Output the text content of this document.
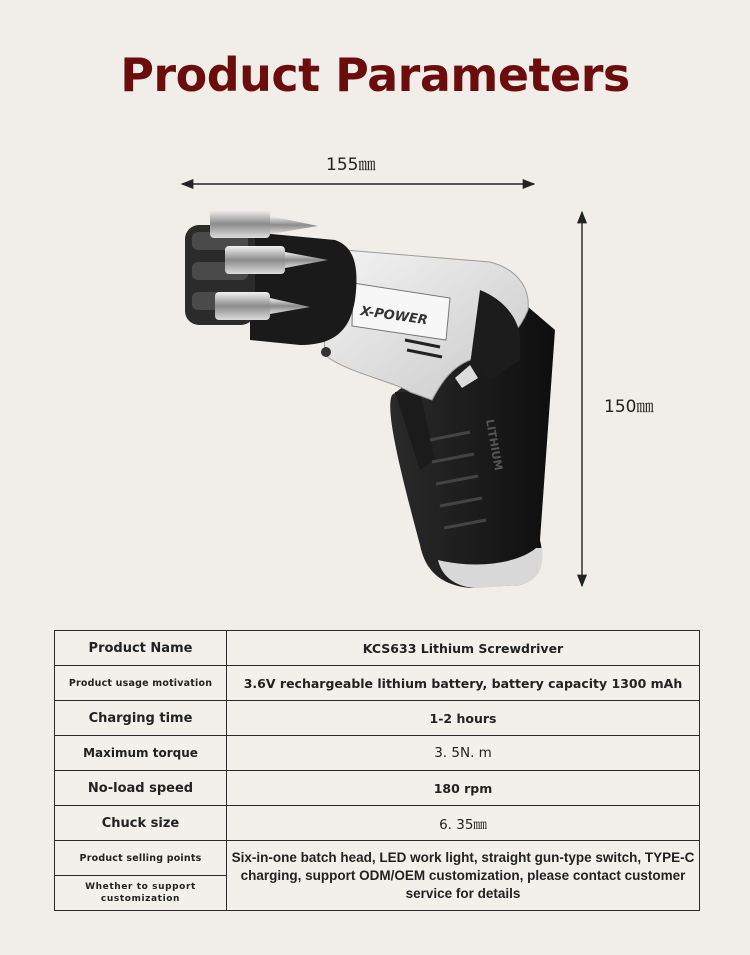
Product Parameters
X-POWER
LITHIUM
155㎜
150㎜
Product Name	KCS633 Lithium Screwdriver
Product usage motivation	3.6V rechargeable lithium battery, battery capacity 1300 mAh
Charging time	1-2 hours
Maximum torque	3. 5N. m
No-load speed	180 rpm
Chuck size	6. 35㎜
Product selling points	Six-in-one batch head, LED work light, straight gun-type switch, TYPE-C charging, support ODM/OEM customization, please contact customer service for details
Whether to support customization	
